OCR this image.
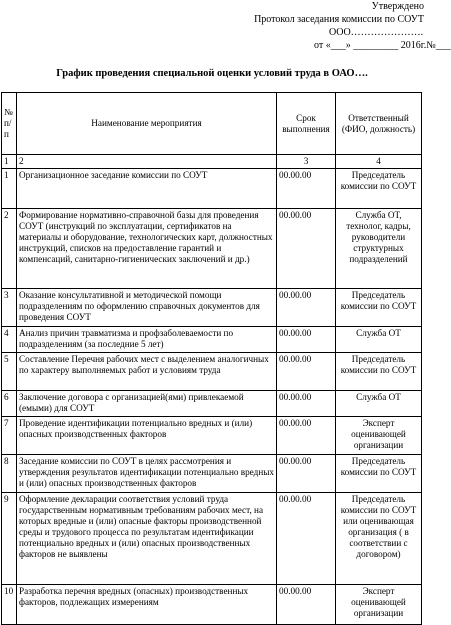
Утвержденo
Протокол заседания комиссии по СОУТ
ООО………………….
от «___» _________ 2016г.№___
График проведения специальной оценки условий труда в ОАО….
№ п/п	Наименование мероприятия	Срок выполнения	Ответственный (ФИО, должность)
1	2	3	4
1	Организационное заседание комиссии по СОУТ	00.00.00	Председатель комиссии по СОУТ
2	Формирование нормативно-справочной базы для проведения СОУТ (инструкций по эксплуатации, сертификатов на материалы и оборудование, технологических карт, должностных инструкций, списков на предоставление гарантий и компенсаций, санитарно-гигиенических заключений и др.)	00.00.00	Служба ОТ, технолог, кадры, руководители структурных подразделений
3	Оказание консультативной и методической помощи подразделениям по оформлению справочных документов для проведения СОУТ	00.00.00	Председатель комиссии по СОУТ
4	Анализ причин травматизма и профзаболеваемости по подразделениям (за последние 5 лет)	00.00.00	Служба ОТ
5	Составление Перечня рабочих мест с выделением аналогичных по характеру выполняемых работ и условиям труда	00.00.00	Председатель комиссии по СОУТ
6	Заключение договора с организацией(ями) привлекаемой (емыми) для СОУТ	00.00.00	Служба ОТ
7	Проведение идентификации потенциально вредных и (или) опасных производственных факторов	00.00.00	Эксперт оценивающей организации
8	Заседание комиссии по СОУТ в целях рассмотрения и утверждения результатов идентификации потенциально вредных и (или) опасных производственных факторов	00.00.00	Председатель комиссии по СОУТ
9	Оформление декларации соответствия условий труда государственным нормативным требованиям рабочих мест, на которых вредные и (или) опасные факторы производственной среды и трудового процесса по результатам идентификации потенциально вредных и (или) опасных производственных факторов не выявлены	00.00.00	Председатель комиссии по СОУТ или оценивающая организация ( в соответствии с договором)
10	Разработка перечня вредных (опасных) производственных факторов, подлежащих измерениям	00.00.00	Эксперт оценивающей организации
